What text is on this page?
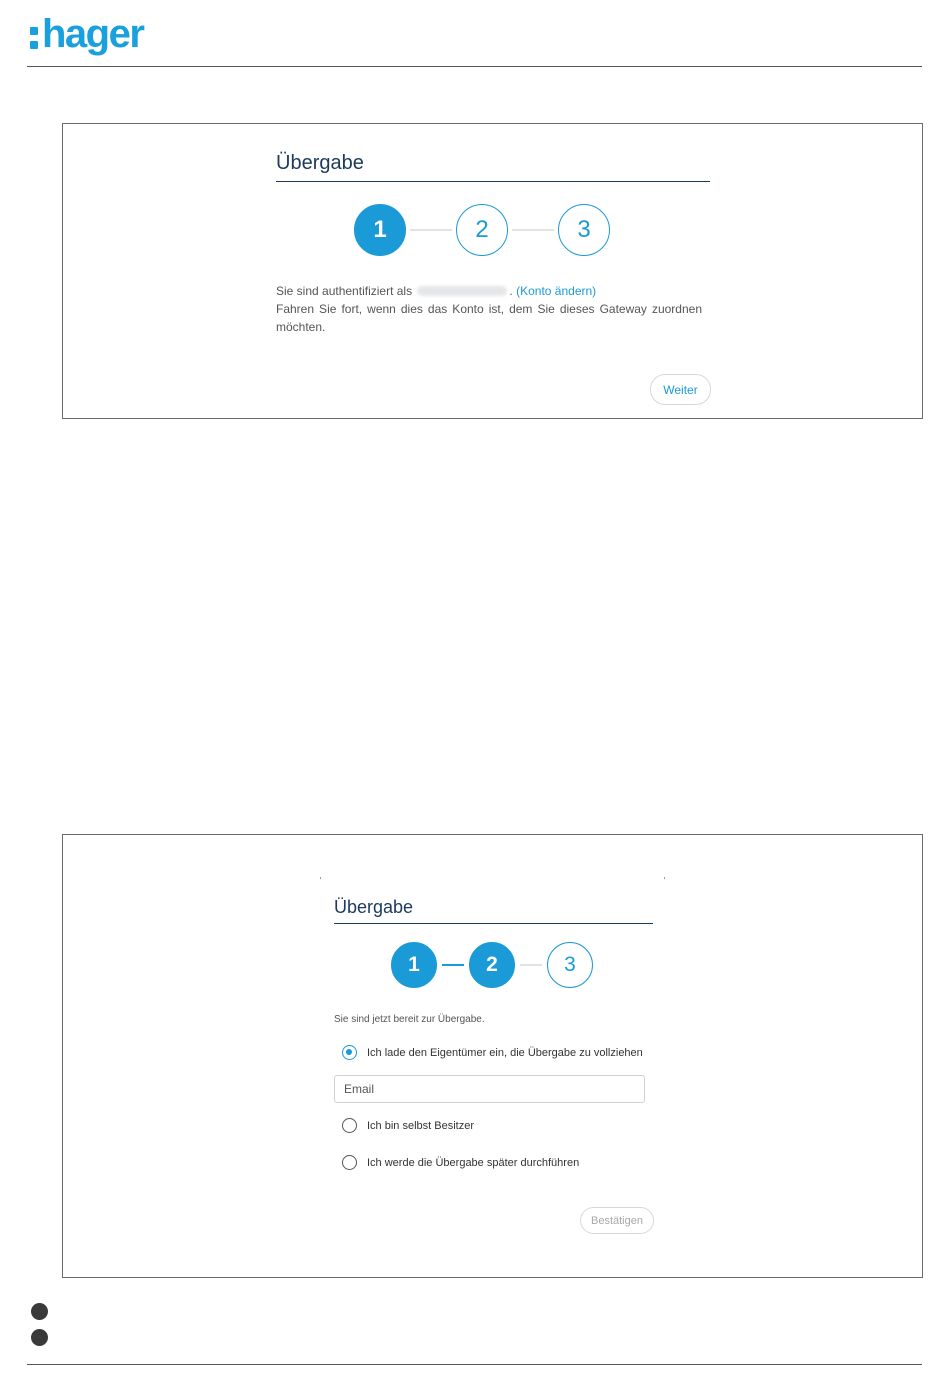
hager
Übergabe
1	2	3
Sie sind authentifiziert als	. (Konto ändern)
Fahren Sie fort, wenn dies das Konto ist, dem Sie dieses Gateway zuordnen möchten.
Weiter
Übergabe
1	2	3
Sie sind jetzt bereit zur Übergabe.
Ich lade den Eigentümer ein, die Übergabe zu vollziehen
Email
Ich bin selbst Besitzer
Ich werde die Übergabe später durchführen
Bestätigen
